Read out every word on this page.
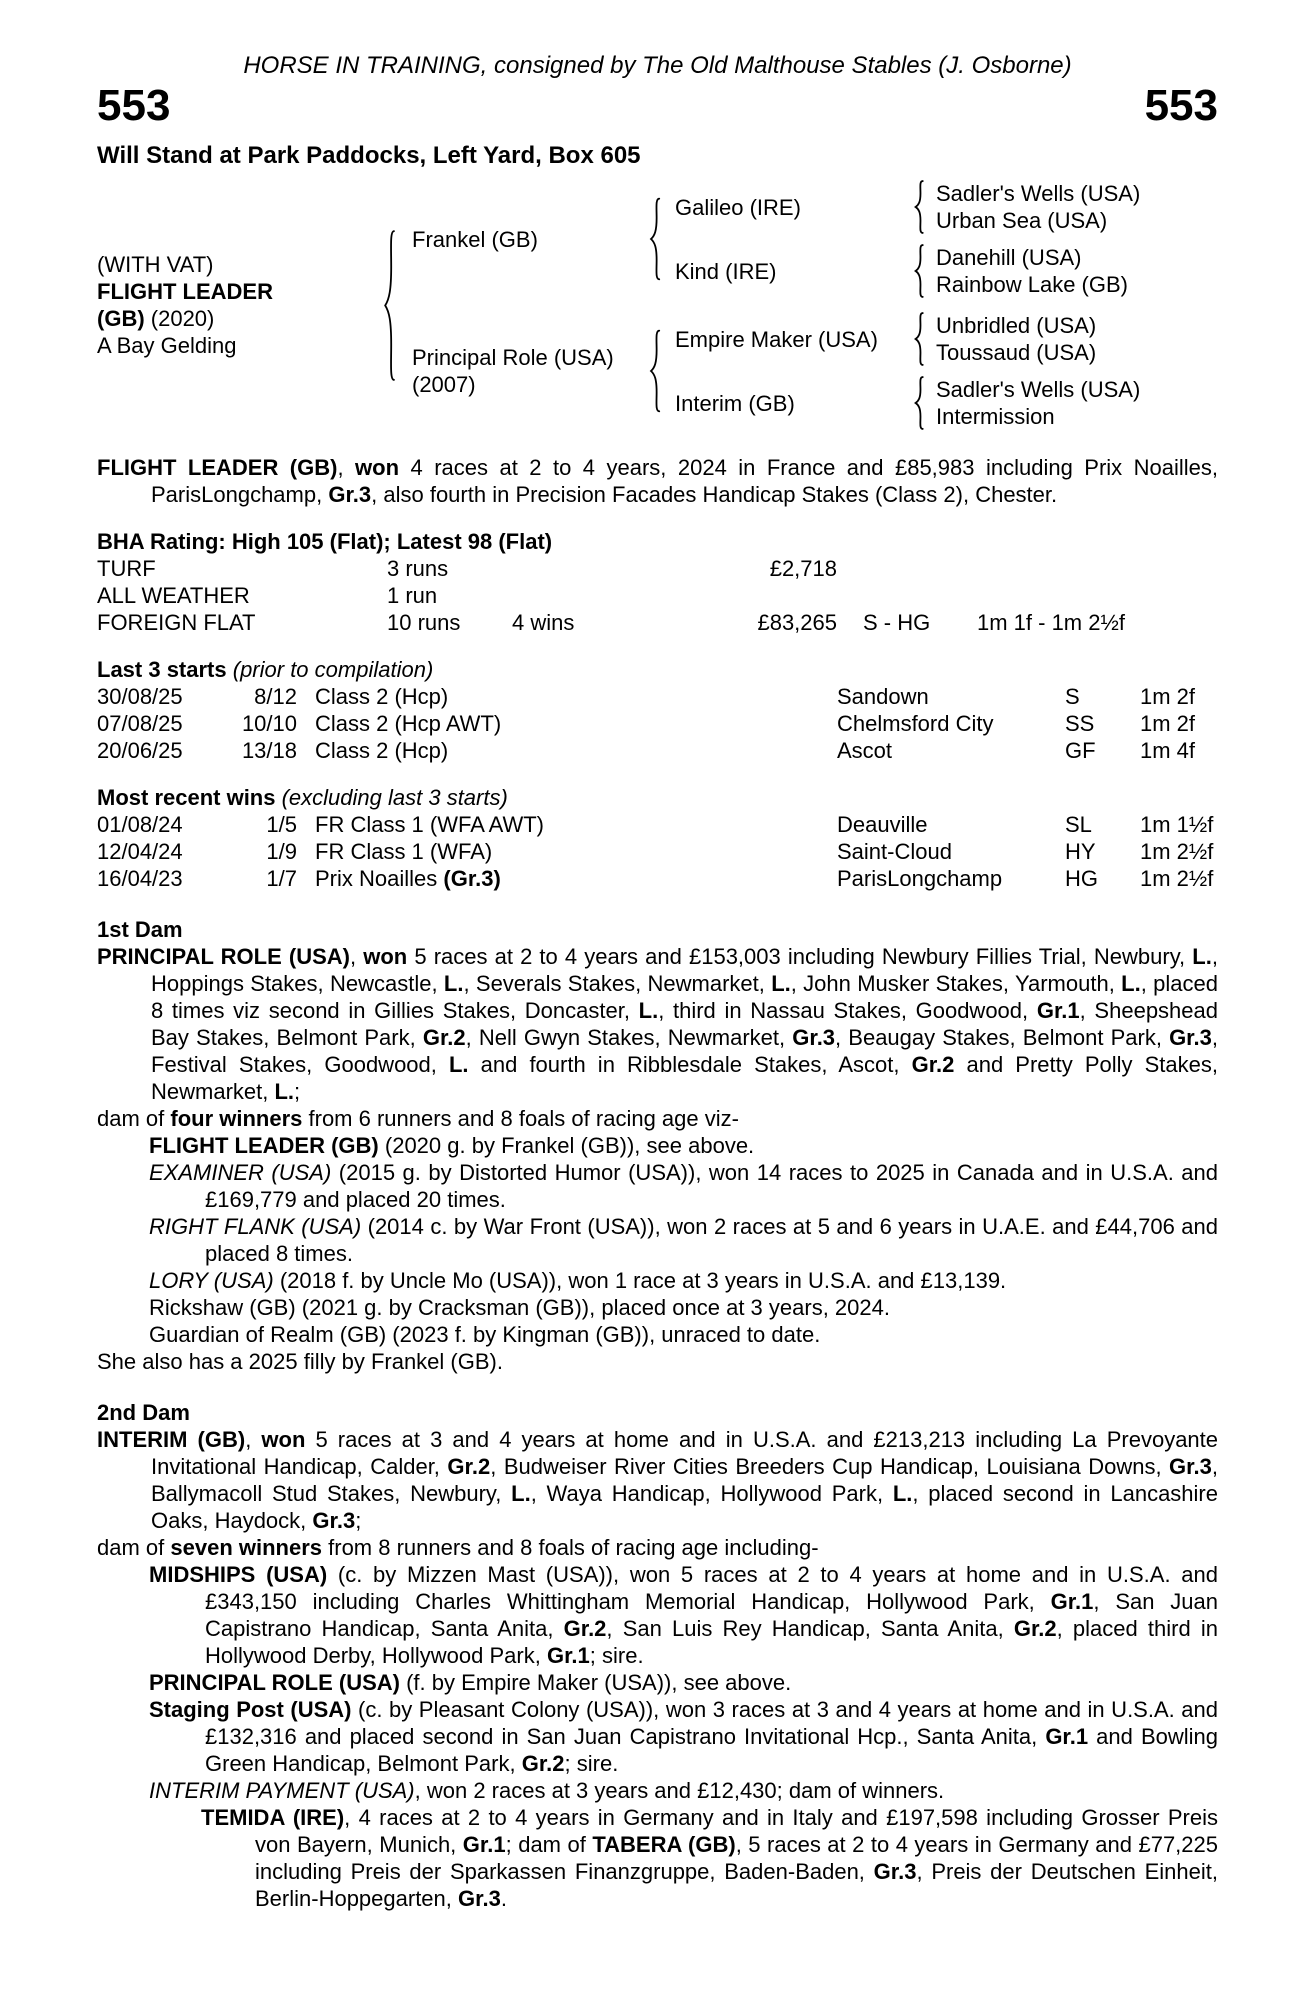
HORSE IN TRAINING, consigned by The Old Malthouse Stables (J. Osborne)
553	553
Will Stand at Park Paddocks, Left Yard, Box 605
(WITH VAT)
FLIGHT LEADER
(GB) (2020)
A Bay Gelding
Frankel (GB)
Galileo (IRE)
Sadler's Wells (USA)
Urban Sea (USA)
Kind (IRE)
Danehill (USA)
Rainbow Lake (GB)
Principal Role (USA)
(2007)
Empire Maker (USA)
Unbridled (USA)
Toussaud (USA)
Interim (GB)
Sadler's Wells (USA)
Intermission
FLIGHT LEADER (GB), won 4 races at 2 to 4 years, 2024 in France and £85,983 including Prix Noailles, ParisLongchamp, Gr.3, also fourth in Precision Facades Handicap Stakes (Class 2), Chester.
BHA Rating: High 105 (Flat); Latest 98 (Flat)
TURF	3 runs	£2,718
ALL WEATHER	1 run
FOREIGN FLAT	10 runs	4 wins	£83,265	S - HG	1m 1f - 1m 2½f
Last 3 starts (prior to compilation)
30/08/25	8/12 Class 2 (Hcp)	Sandown	S	1m 2f
07/08/25	10/10 Class 2 (Hcp AWT)	Chelmsford City	SS	1m 2f
20/06/25	13/18 Class 2 (Hcp)	Ascot	GF	1m 4f
Most recent wins (excluding last 3 starts)
01/08/24	1/5 FR Class 1 (WFA AWT)	Deauville	SL	1m 1½f
12/04/24	1/9 FR Class 1 (WFA)	Saint-Cloud	HY	1m 2½f
16/04/23	1/7 Prix Noailles (Gr.3)	ParisLongchamp	HG	1m 2½f
1st Dam
PRINCIPAL ROLE (USA), won 5 races at 2 to 4 years and £153,003 including Newbury Fillies Trial, Newbury, L., Hoppings Stakes, Newcastle, L., Severals Stakes, Newmarket, L., John Musker Stakes, Yarmouth, L., placed 8 times viz second in Gillies Stakes, Doncaster, L., third in Nassau Stakes, Goodwood, Gr.1, Sheepshead Bay Stakes, Belmont Park, Gr.2, Nell Gwyn Stakes, Newmarket, Gr.3, Beaugay Stakes, Belmont Park, Gr.3, Festival Stakes, Goodwood, L. and fourth in Ribblesdale Stakes, Ascot, Gr.2 and Pretty Polly Stakes, Newmarket, L.;
dam of four winners from 6 runners and 8 foals of racing age viz-
FLIGHT LEADER (GB) (2020 g. by Frankel (GB)), see above.
EXAMINER (USA) (2015 g. by Distorted Humor (USA)), won 14 races to 2025 in Canada and in U.S.A. and £169,779 and placed 20 times.
RIGHT FLANK (USA) (2014 c. by War Front (USA)), won 2 races at 5 and 6 years in U.A.E. and £44,706 and placed 8 times.
LORY (USA) (2018 f. by Uncle Mo (USA)), won 1 race at 3 years in U.S.A. and £13,139.
Rickshaw (GB) (2021 g. by Cracksman (GB)), placed once at 3 years, 2024.
Guardian of Realm (GB) (2023 f. by Kingman (GB)), unraced to date.
She also has a 2025 filly by Frankel (GB).
2nd Dam
INTERIM (GB), won 5 races at 3 and 4 years at home and in U.S.A. and £213,213 including La Prevoyante Invitational Handicap, Calder, Gr.2, Budweiser River Cities Breeders Cup Handicap, Louisiana Downs, Gr.3, Ballymacoll Stud Stakes, Newbury, L., Waya Handicap, Hollywood Park, L., placed second in Lancashire Oaks, Haydock, Gr.3;
dam of seven winners from 8 runners and 8 foals of racing age including-
MIDSHIPS (USA) (c. by Mizzen Mast (USA)), won 5 races at 2 to 4 years at home and in U.S.A. and £343,150 including Charles Whittingham Memorial Handicap, Hollywood Park, Gr.1, San Juan Capistrano Handicap, Santa Anita, Gr.2, San Luis Rey Handicap, Santa Anita, Gr.2, placed third in Hollywood Derby, Hollywood Park, Gr.1; sire.
PRINCIPAL ROLE (USA) (f. by Empire Maker (USA)), see above.
Staging Post (USA) (c. by Pleasant Colony (USA)), won 3 races at 3 and 4 years at home and in U.S.A. and £132,316 and placed second in San Juan Capistrano Invitational Hcp., Santa Anita, Gr.1 and Bowling Green Handicap, Belmont Park, Gr.2; sire.
INTERIM PAYMENT (USA), won 2 races at 3 years and £12,430; dam of winners.
TEMIDA (IRE), 4 races at 2 to 4 years in Germany and in Italy and £197,598 including Grosser Preis von Bayern, Munich, Gr.1; dam of TABERA (GB), 5 races at 2 to 4 years in Germany and £77,225 including Preis der Sparkassen Finanzgruppe, Baden-Baden, Gr.3, Preis der Deutschen Einheit, Berlin-Hoppegarten, Gr.3.
